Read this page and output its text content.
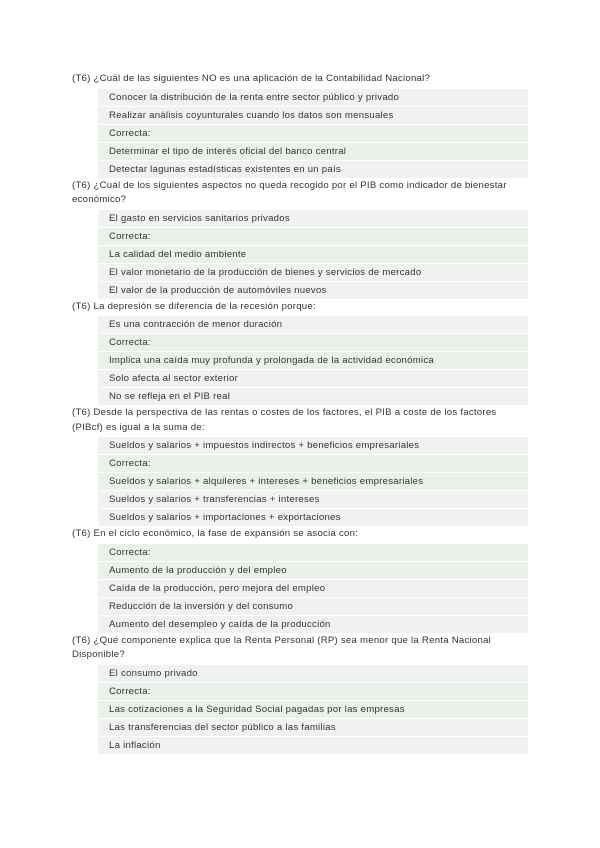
(T6) ¿Cuál de las siguientes NO es una aplicación de la Contabilidad Nacional?
Conocer la distribución de la renta entre sector público y privado
Realizar análisis coyunturales cuando los datos son mensuales
Correcta:
Determinar el tipo de interés oficial del banco central
Detectar lagunas estadísticas existentes en un país
(T6) ¿Cuál de los siguientes aspectos no queda recogido por el PIB como indicador de bienestar económico?
El gasto en servicios sanitarios privados
Correcta:
La calidad del medio ambiente
El valor monetario de la producción de bienes y servicios de mercado
El valor de la producción de automóviles nuevos
(T6) La depresión se diferencia de la recesión porque:
Es una contracción de menor duración
Correcta:
Implica una caída muy profunda y prolongada de la actividad económica
Solo afecta al sector exterior
No se refleja en el PIB real
(T6) Desde la perspectiva de las rentas o costes de los factores, el PIB a coste de los factores (PIBcf) es igual a la suma de:
Sueldos y salarios + impuestos indirectos + beneficios empresariales
Correcta:
Sueldos y salarios + alquileres + intereses + beneficios empresariales
Sueldos y salarios + transferencias + intereses
Sueldos y salarios + importaciones + exportaciones
(T6) En el ciclo económico, la fase de expansión se asocia con:
Correcta:
Aumento de la producción y del empleo
Caída de la producción, pero mejora del empleo
Reducción de la inversión y del consumo
Aumento del desempleo y caída de la producción
(T6) ¿Qué componente explica que la Renta Personal (RP) sea menor que la Renta Nacional Disponible?
El consumo privado
Correcta:
Las cotizaciones a la Seguridad Social pagadas por las empresas
Las transferencias del sector público a las familias
La inflación
